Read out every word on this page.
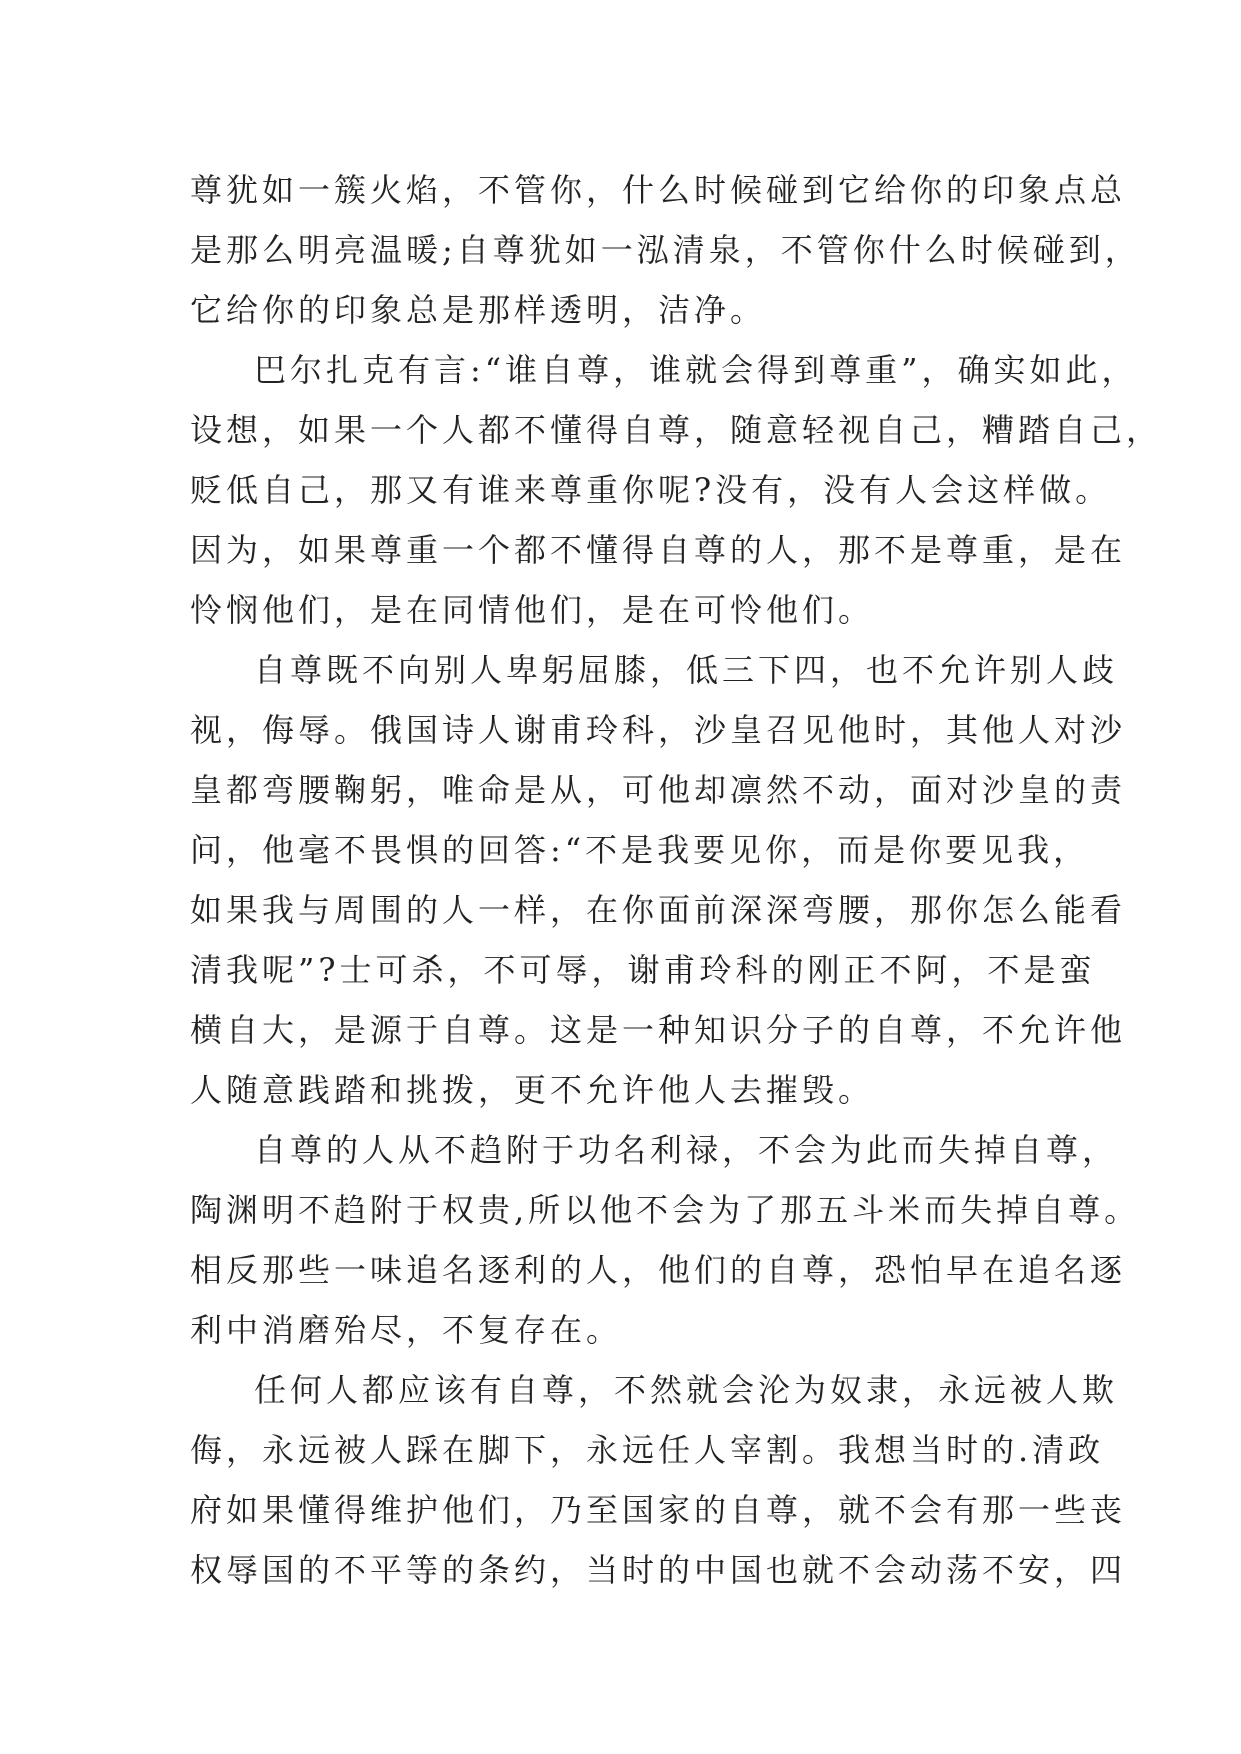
尊犹如一簇火焰，不管你，什么时候碰到它给你的印象点总
是那么明亮温暖;自尊犹如一泓清泉，不管你什么时候碰到，
它给你的印象总是那样透明，洁净。
巴尔扎克有言:“谁自尊，谁就会得到尊重”，确实如此，
设想，如果一个人都不懂得自尊，随意轻视自己，糟踏自己，
贬低自己，那又有谁来尊重你呢?没有，没有人会这样做。
因为，如果尊重一个都不懂得自尊的人，那不是尊重，是在
怜悯他们，是在同情他们，是在可怜他们。
自尊既不向别人卑躬屈膝，低三下四，也不允许别人歧
视，侮辱。俄国诗人谢甫玲科，沙皇召见他时，其他人对沙
皇都弯腰鞠躬，唯命是从，可他却凛然不动，面对沙皇的责
问，他毫不畏惧的回答:“不是我要见你，而是你要见我，
如果我与周围的人一样，在你面前深深弯腰，那你怎么能看
清我呢”?士可杀，不可辱，谢甫玲科的刚正不阿，不是蛮
横自大，是源于自尊。这是一种知识分子的自尊，不允许他
人随意践踏和挑拨，更不允许他人去摧毁。
自尊的人从不趋附于功名利禄，不会为此而失掉自尊，
陶渊明不趋附于权贵,所以他不会为了那五斗米而失掉自尊。
相反那些一味追名逐利的人，他们的自尊，恐怕早在追名逐
利中消磨殆尽，不复存在。
任何人都应该有自尊，不然就会沦为奴隶，永远被人欺
侮，永远被人踩在脚下，永远任人宰割。我想当时的.清政
府如果懂得维护他们，乃至国家的自尊，就不会有那一些丧
权辱国的不平等的条约，当时的中国也就不会动荡不安，四
